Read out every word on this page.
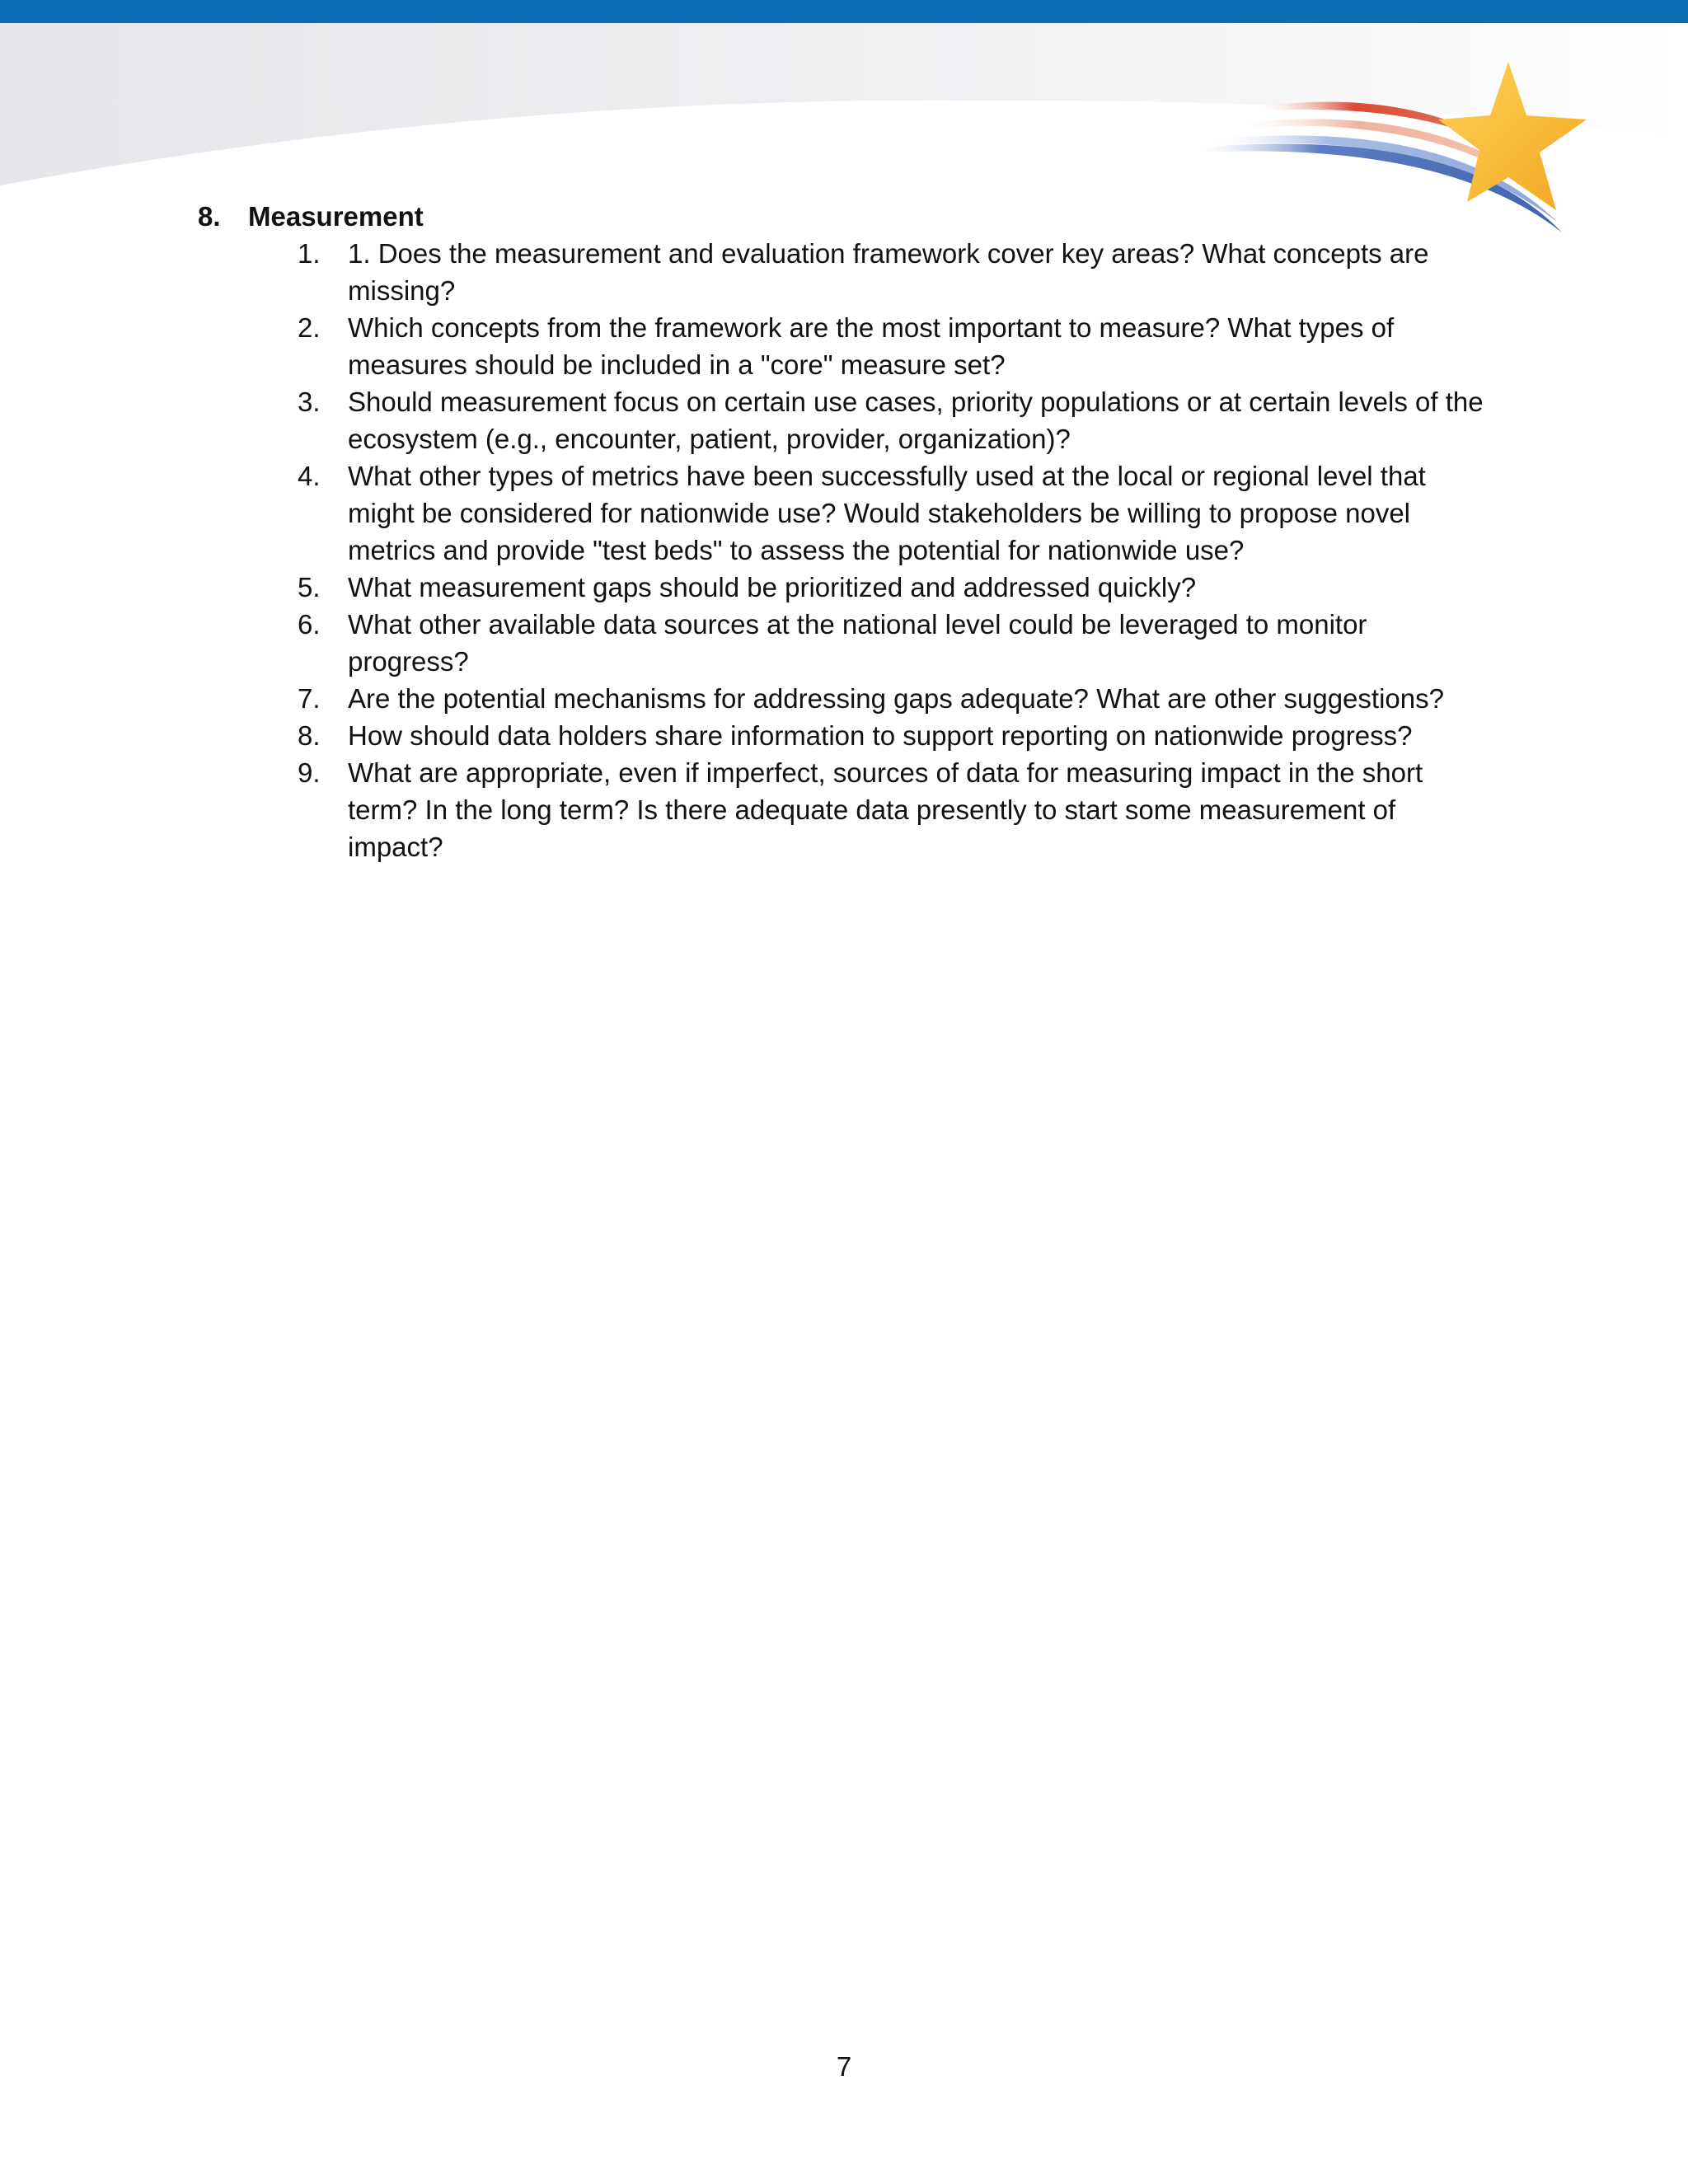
8.	Measurement
1.	1. Does the measurement and evaluation framework cover key areas? What concepts are missing?
2.	Which concepts from the framework are the most important to measure? What types of measures should be included in a "core" measure set?
3.	Should measurement focus on certain use cases, priority populations or at certain levels of the ecosystem (e.g., encounter, patient, provider, organization)?
4.	What other types of metrics have been successfully used at the local or regional level that might be considered for nationwide use? Would stakeholders be willing to propose novel metrics and provide "test beds" to assess the potential for nationwide use?
5.	What measurement gaps should be prioritized and addressed quickly?
6.	What other available data sources at the national level could be leveraged to monitor progress?
7.	Are the potential mechanisms for addressing gaps adequate? What are other suggestions?
8.	How should data holders share information to support reporting on nationwide progress?
9.	What are appropriate, even if imperfect, sources of data for measuring impact in the short term? In the long term? Is there adequate data presently to start some measurement of impact?
7
